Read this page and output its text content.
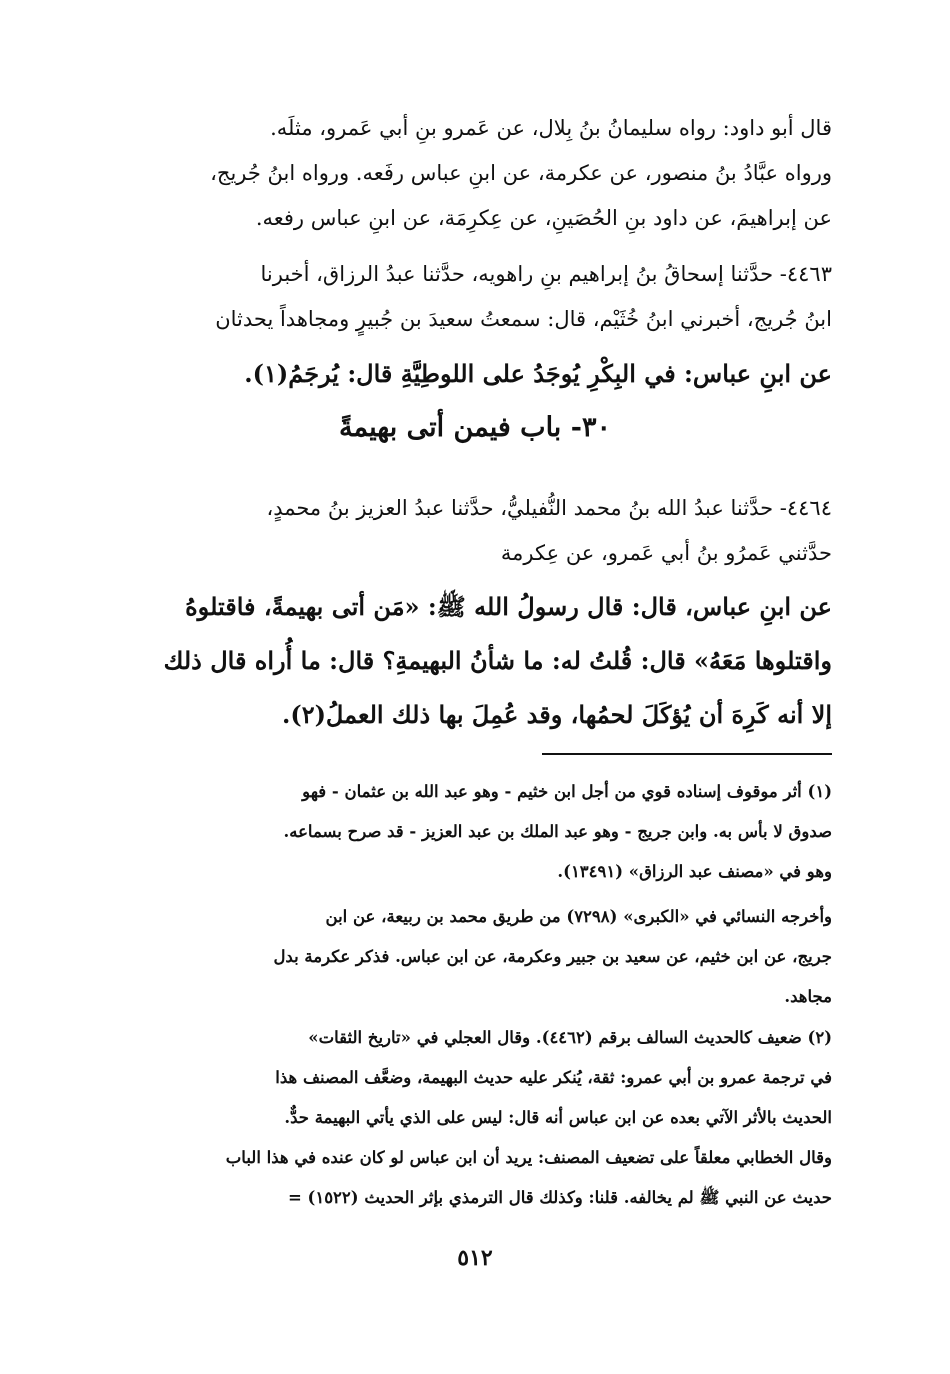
قال أبو داود: رواه سليمانُ بنُ بِلال، عن عَمرو بنِ أبي عَمرو، مثلَه.
ورواه عبَّادُ بنُ منصور، عن عكرمة، عن ابنِ عباس رفَعه. ورواه ابنُ جُريج،
عن إبراهيمَ، عن داود بنِ الحُصَينِ، عن عِكرِمَة، عن ابنِ عباس رفعه.
٤٤٦٣- حدَّثنا إسحاقُ بنُ إبراهيم بنِ راهويه، حدَّثنا عبدُ الرزاق، أخبرنا
ابنُ جُريج، أخبرني ابنُ خُثَيْم، قال: سمعتُ سعيدَ بن جُبيرٍ ومجاهداً يحدثان
عن ابنِ عباس: في البِكْرِ يُوجَدُ على اللوطِيَّةِ قال: يُرجَمُ(١).
٣٠- باب فيمن أتى بهيمةً
٤٤٦٤- حدَّثنا عبدُ الله بنُ محمد النُّفيليُّ، حدَّثنا عبدُ العزيز بنُ محمدٍ،
حدَّثني عَمرُو بنُ أبي عَمرو، عن عِكرمة
عن ابنِ عباس، قال: قال رسولُ الله ﷺ: «مَن أتى بهيمةً، فاقتلوهُ
واقتلوها مَعَهُ» قال: قُلتُ له: ما شأنُ البهيمةِ؟ قال: ما أُراه قال ذلك
إلا أنه كَرِهَ أن يُؤكَلَ لحمُها، وقد عُمِلَ بها ذلك العملُ(٢).
(١) أثر موقوف إسناده قوي من أجل ابن خثيم - وهو عبد الله بن عثمان - فهو
صدوق لا بأس به. وابن جريج - وهو عبد الملك بن عبد العزيز - قد صرح بسماعه.
وهو في «مصنف عبد الرزاق» (١٣٤٩١).
وأخرجه النسائي في «الكبرى» (٧٢٩٨) من طريق محمد بن ربيعة، عن ابن
جريج، عن ابن خثيم، عن سعيد بن جبير وعكرمة، عن ابن عباس. فذكر عكرمة بدل
مجاهد.
(٢) ضعيف كالحديث السالف برقم (٤٤٦٢). وقال العجلي في «تاريخ الثقات»
في ترجمة عمرو بن أبي عمرو: ثقة، يُنكر عليه حديث البهيمة، وضعَّف المصنف هذا
الحديث بالأثر الآتي بعده عن ابن عباس أنه قال: ليس على الذي يأتي البهيمة حدٌّ.
وقال الخطابي معلقاً على تضعيف المصنف: يريد أن ابن عباس لو كان عنده في هذا الباب
حديث عن النبي ﷺ لم يخالفه. قلنا: وكذلك قال الترمذي بإثر الحديث (١٥٢٢) =
٥١٢
